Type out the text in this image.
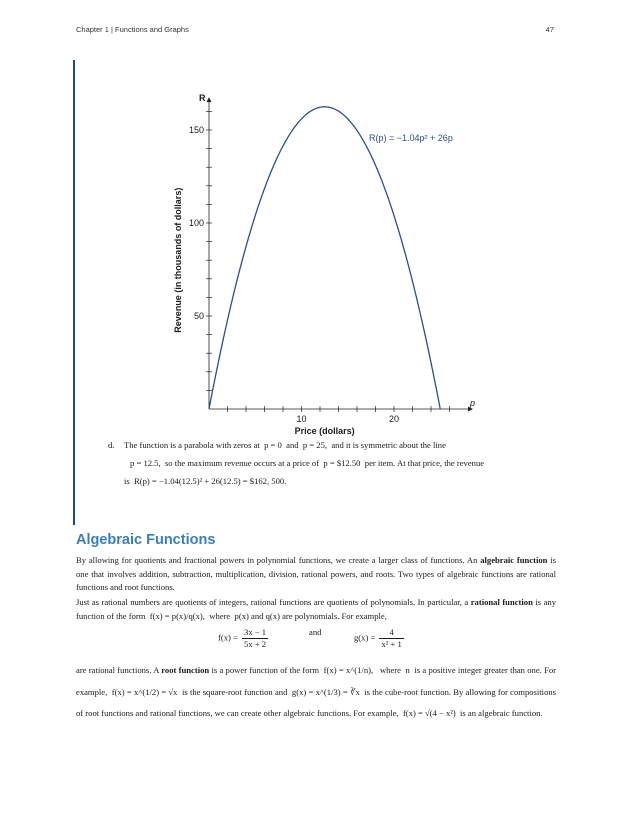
Chapter 1 | Functions and Graphs	47
10	20
50
100
150
R(p) = −1.04p² + 26p
R
p
Price (dollars)
Revenue (in thousands of dollars)
d. The function is a parabola with zeros at p = 0 and p = 25, and it is symmetric about the line

p = 12.5, so the maximum revenue occurs at a price of p = $12.50 per item. At that price, the revenue

is R(p) = −1.04(12.5)² + 26(12.5) = $162, 500.

Algebraic Functions

By allowing for quotients and fractional powers in polynomial functions, we create a larger class of functions. An algebraic function is one that involves addition, subtraction, multiplication, division, rational powers, and roots. Two types of algebraic functions are rational functions and root functions.

Just as rational numbers are quotients of integers, rational functions are quotients of polynomials. In particular, a rational function is any function of the form f(x) = p(x)/q(x), where p(x) and q(x) are polynomials. For example,

$f(x) = \frac{3x - 1}{5x + 2}$	and
$g(x) = \frac{4}{\text{x² + 1}}$

are rational functions. A root function is a power function of the form f(x) = x^(1/n), where n is a positive integer greater than one. For example, f(x) = x^(1/2) = √x is the square-root function and g(x) = x^(1/3) = ∛x is the cube-root function. By allowing for compositions of root functions and rational functions, we can create other algebraic functions. For example, f(x) = √(4 − x²) is an algebraic function.
